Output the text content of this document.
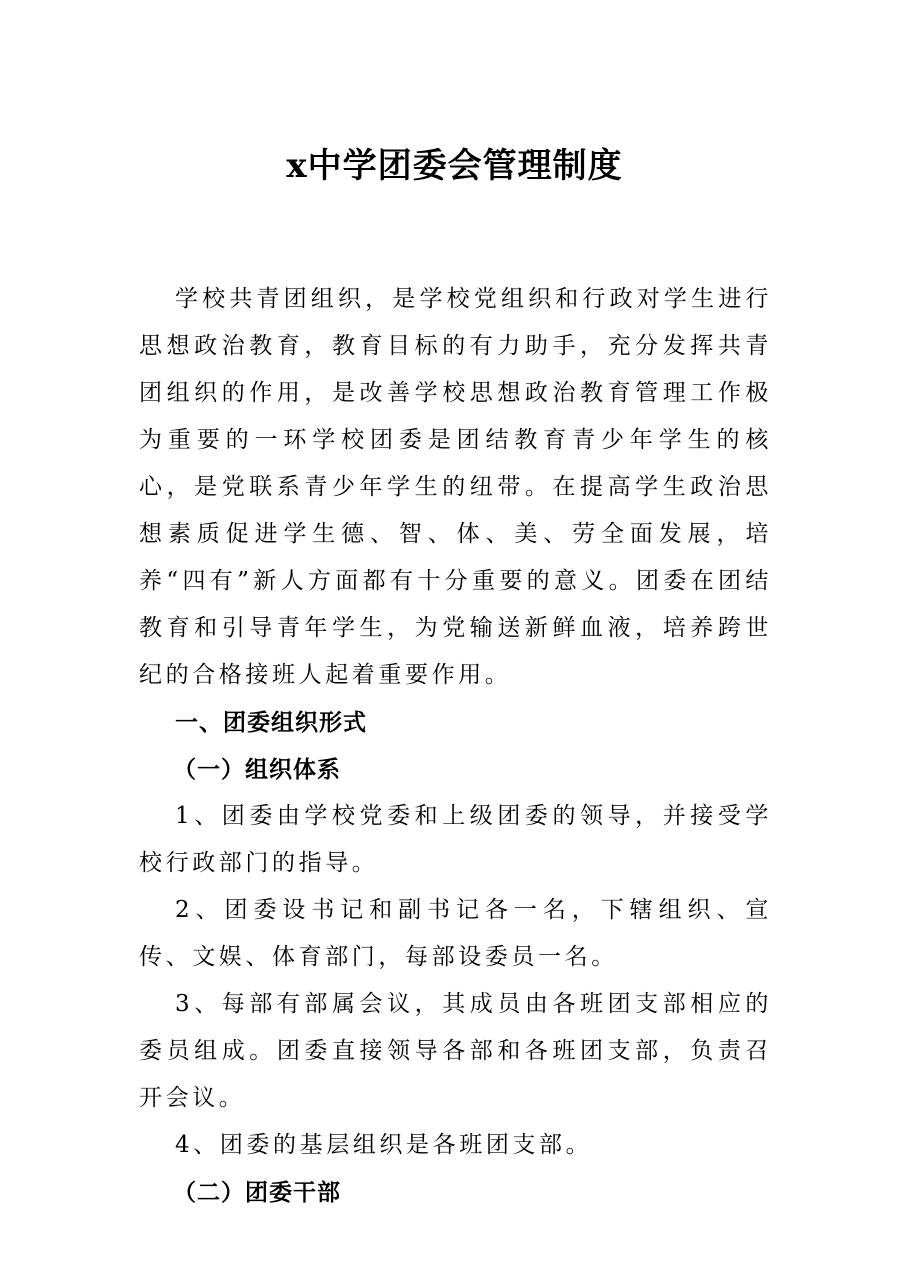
x中学团委会管理制度

学校共青团组织，是学校党组织和行政对学生进行思想政治教育，教育目标的有力助手，充分发挥共青团组织的作用，是改善学校思想政治教育管理工作极为重要的一环学校团委是团结教育青少年学生的核心，是党联系青少年学生的纽带。在提高学生政治思想素质促进学生德、智、体、美、劳全面发展，培养“四有”新人方面都有十分重要的意义。团委在团结教育和引导青年学生，为党输送新鲜血液，培养跨世纪的合格接班人起着重要作用。

一、团委组织形式

（一）组织体系

1、团委由学校党委和上级团委的领导，并接受学校行政部门的指导。

2、团委设书记和副书记各一名，下辖组织、宣传、文娱、体育部门，每部设委员一名。

3、每部有部属会议，其成员由各班团支部相应的委员组成。团委直接领导各部和各班团支部，负责召开会议。

4、团委的基层组织是各班团支部。

（二）团委干部
